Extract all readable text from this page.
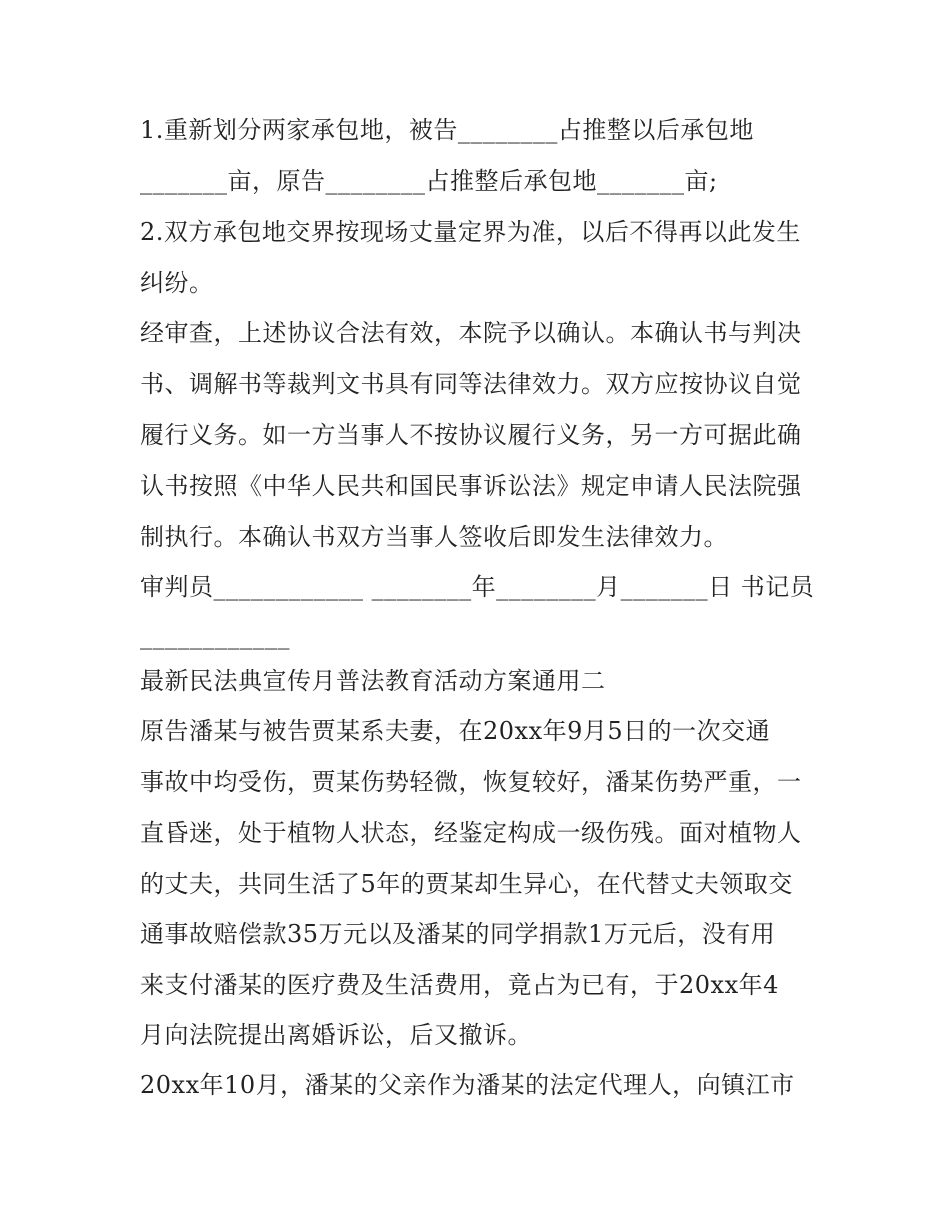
1.重新划分两家承包地，被告________占推整以后承包地
_______亩，原告________占推整后承包地_______亩;
2.双方承包地交界按现场丈量定界为准，以后不得再以此发生
纠纷。
经审查，上述协议合法有效，本院予以确认。本确认书与判决
书、调解书等裁判文书具有同等法律效力。双方应按协议自觉
履行义务。如一方当事人不按协议履行义务，另一方可据此确
认书按照《中华人民共和国民事诉讼法》规定申请人民法院强
制执行。本确认书双方当事人签收后即发生法律效力。
审判员____________ ________年________月_______日 书记员
____________
最新民法典宣传月普法教育活动方案通用二
原告潘某与被告贾某系夫妻，在20xx年9月5日的一次交通
事故中均受伤，贾某伤势轻微，恢复较好，潘某伤势严重，一
直昏迷，处于植物人状态，经鉴定构成一级伤残。面对植物人
的丈夫，共同生活了5年的贾某却生异心，在代替丈夫领取交
通事故赔偿款35万元以及潘某的同学捐款1万元后，没有用
来支付潘某的医疗费及生活费用，竟占为已有，于20xx年4
月向法院提出离婚诉讼，后又撤诉。
20xx年10月，潘某的父亲作为潘某的法定代理人，向镇江市
